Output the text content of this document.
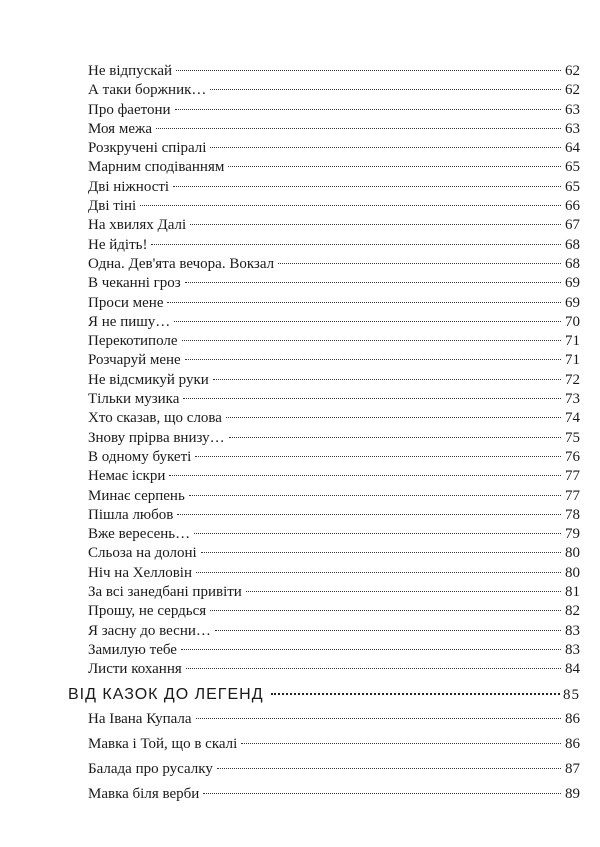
Не відпускай	62
А таки боржник…	62
Про фаетони	63
Моя межа	63
Розкручені спіралі	64
Марним сподіванням	65
Дві ніжності	65
Дві тіні	66
На хвилях Далі	67
Не йдіть!	68
Одна. Дев'ята вечора. Вокзал	68
В чеканні гроз	69
Проси мене	69
Я не пишу…	70
Перекотиполе	71
Розчаруй мене	71
Не відсмикуй руки	72
Тільки музика	73
Хто сказав, що слова	74
Знову прірва внизу…	75
В одному букеті	76
Немає іскри	77
Минає серпень	77
Пішла любов	78
Вже вересень…	79
Сльоза на долоні	80
Ніч на Хелловін	80
За всі занедбані привіти	81
Прошу, не сердься	82
Я засну до весни…	83
Замилую тебе	83
Листи кохання	84
ВІД КАЗОК ДО ЛЕГЕНД	85
На Івана Купала	86
Мавка і Той, що в скалі	86
Балада про русалку	87
Мавка біля верби	89
